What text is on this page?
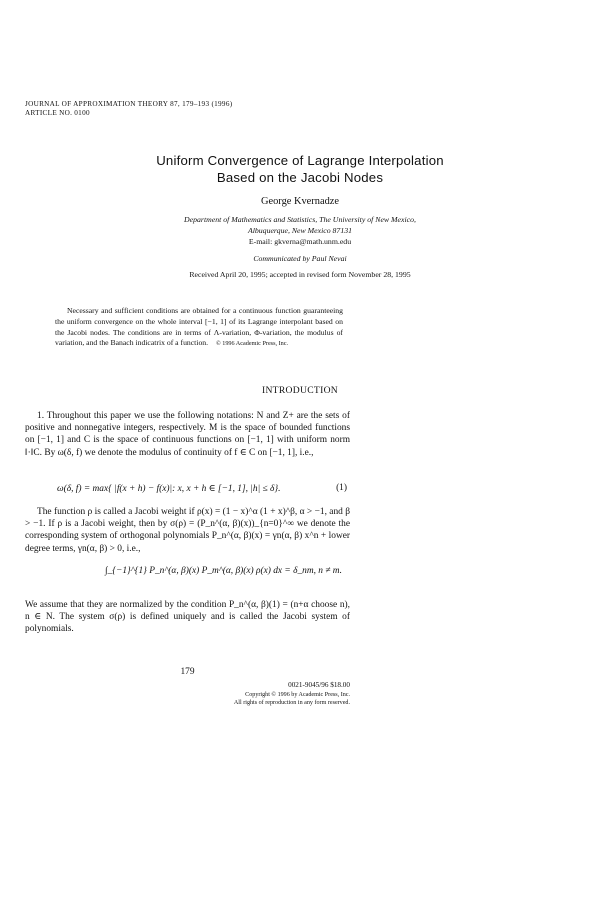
JOURNAL OF APPROXIMATION THEORY 87, 179–193 (1996)
ARTICLE NO. 0100
Uniform Convergence of Lagrange Interpolation
Based on the Jacobi Nodes
George Kvernadze
Department of Mathematics and Statistics, The University of New Mexico,
Albuquerque, New Mexico 87131
E-mail: gkverna@math.unm.edu
Communicated by Paul Nevai
Received April 20, 1995; accepted in revised form November 28, 1995
Necessary and sufficient conditions are obtained for a continuous function guaranteeing the uniform convergence on the whole interval [−1, 1] of its Lagrange interpolant based on the Jacobi nodes. The conditions are in terms of Λ-variation, Φ-variation, the modulus of variation, and the Banach indicatrix of a function. © 1996 Academic Press, Inc.
INTRODUCTION
1. Throughout this paper we use the following notations: N and Z+ are the sets of positive and nonnegative integers, respectively. M is the space of bounded functions on [−1, 1] and C is the space of continuous functions on [−1, 1] with uniform norm ‖·‖C. By ω(δ, f) we denote the modulus of continuity of f ∈ C on [−1, 1], i.e.,
ω(δ, f) = max{ |f(x + h) − f(x)|: x, x + h ∈ [−1, 1], |h| ≤ δ}.	(1)
The function ρ is called a Jacobi weight if ρ(x) = (1 − x)^α (1 + x)^β, α > −1, and β > −1. If ρ is a Jacobi weight, then by σ(ρ) = (P_n^(α, β)(x))_{n=0}^∞ we denote the corresponding system of orthogonal polynomials P_n^(α, β)(x) = γn(α, β) x^n + lower degree terms, γn(α, β) > 0, i.e.,
∫_{−1}^{1} P_n^(α, β)(x) P_m^(α, β)(x) ρ(x) dx = δ_nm, n ≠ m.
We assume that they are normalized by the condition P_n^(α, β)(1) = (n+α choose n), n ∈ N. The system σ(ρ) is defined uniquely and is called the Jacobi system of polynomials.
179
0021-9045/96 $18.00
Copyright © 1996 by Academic Press, Inc.
All rights of reproduction in any form reserved.
